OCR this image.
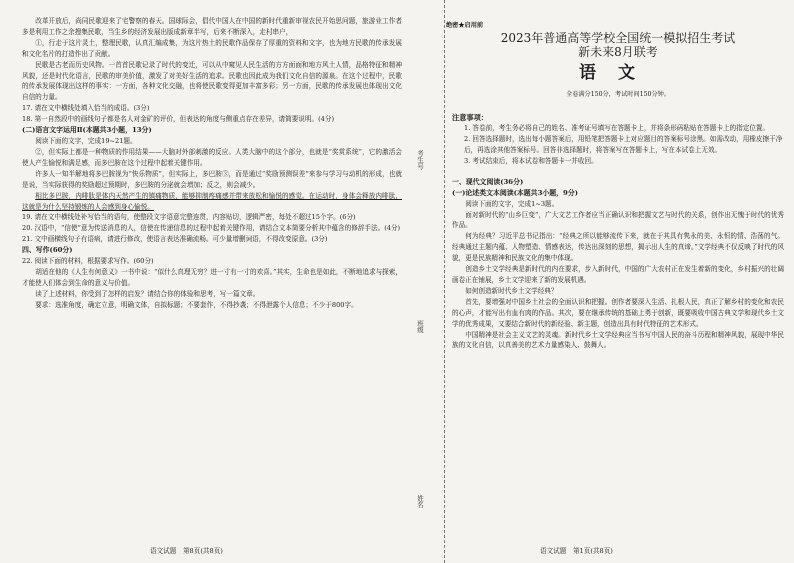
改革开放后，尚同民歌迎来了宅警察的春天。国球际会，倡代中国人在中国的新时代重新审视农民开始思问题，旅游业工作者多是利用工作之余搜集民歌，当生乡的经济发展出版成新章半写，后来不断深入，走村串户，

①，行走于这片灵土，整理民歌，认真汇编成集，为这片热土的民歌作品保存了厚重的资料和文字，也为地方民歌的传承发展和文化名片的打造作出了贡献。

民歌是古老而历史风物。一首首民歌记录了时代的变迁，可以从中窥见人民生活的方方面面和地方风土人情，品格特征和精神风貌，还是时代化语言，民歌的审美价值，激发了对美好生活的追求。民歌也因此成为我们文化自信的源泉。在这个过程中，民歌的传承发展体现出这样的事实：一方面，各种文化交融，也将使民歌变得更加丰富多彩；另一方面，民歌的传承发展也体现出文化自信的力量。

17. 请在文中横线处填入恰当的成语。(3分)

18. 第一自然段中的画线句子都是名人对金矿的评价，但表达的角度与侧重点存在差异，请简要说明。(4分)

(二)语言文字运用Ⅱ(本题共3小题，13分)

阅读下面的文字，完成19~21题。

②，但实际上都是一种物质的作用结果——大脑对外部刺激的反应。人类大脑中的这个部分，也就是“奖赏系统”，它的激活会使人产生愉悦和满足感，而多巴胺在这个过程中起着关键作用。

许多人一知半解地将多巴胺视为“快乐物质”，但实际上，多巴胺③，而是通过“奖励预测误差”来参与学习与动机的形成，也就是说，当实际获得的奖励超过预期时，多巴胺的分泌就会增加；反之，则会减少。

相比多巴胺，内啡肽是体内天然产生的镇痛物质，能够抑制疼痛感并带来放松和愉悦的感觉。在运动时，身体会释放内啡肽，这就是为什么坚持锻炼的人会感到身心愉悦。

19. 请在文中横线处补写恰当的语句，使整段文字语意完整连贯，内容贴切，逻辑严密，每处不超过15个字。(6分)

20. 汉语中，“信使”意为传送消息的人，信使在传递信息的过程中起着关键作用，请结合文本简要分析其中蕴含的修辞手法。(4分)

21. 文中画横线句子有语病，请进行修改，使语言表达准确流畅。可少量增删词语，不得改变原意。(3分)

四、写作(60分)

22. 阅读下面的材料，根据要求写作。(60分)

胡适在他的《人生有何意义》一书中说：“似什么真理无穷？进一寸有一寸的欢喜。”其实，生命也是如此，不断地追求与探索，才能使人们体会到生命的意义与价值。

读了上述材料，你受到了怎样的启发？请结合你的体验和思考，写一篇文章。

要求：选准角度，确定立意，明确文体，自拟标题；不要套作，不得抄袭；不得泄露个人信息；不少于800字。

语文试题　第8页(共8页)
考生号
班级
姓名

绝密★启用前

2023年普通高等学校全国统一模拟招生考试

新未来8月联考

语文

全卷满分150分，考试时间150分钟。

注意事项：

1. 答卷前，考生务必将自己的姓名、准考证号填写在答题卡上，并将条形码粘贴在答题卡上的指定位置。

2. 回答选择题时，选出每小题答案后，用铅笔把答题卡上对应题目的答案标号涂黑。如需改动，用橡皮擦干净后，再选涂其他答案标号。回答非选择题时，将答案写在答题卡上，写在本试卷上无效。

3. 考试结束后，将本试卷和答题卡一并收回。

一、现代文阅读(36分)

(一)论述类文本阅读(本题共3小题，9分)

阅读下面的文字，完成1~3题。

面对新时代的“山乡巨变”，广大文艺工作者应当正确认识和把握文艺与时代的关系，创作出无愧于时代的优秀作品。

何为经典？习近平总书记指出：“经典之所以能够流传下来，就在于其具有隽永的美、永恒的情、浩荡的气。经典通过主题内蕴、人物塑造、情感表达，传达出深刻的思想，揭示出人生的真谛。”文学经典不仅反映了时代的风貌，更是民族精神和民族文化的集中体现。

创造乡土文学经典是新时代的内在要求，步入新时代，中国的广大农村正在发生着新的变化，乡村振兴的壮阔画卷正在铺展，乡土文学迎来了新的发展机遇。

如何创造新时代乡土文学经典？

首先，要增强对中国乡土社会的全面认识和把握。创作者要深入生活、扎根人民，真正了解乡村的变化和农民的心声，才能写出有血有肉的作品。其次，要在继承传统的基础上勇于创新，既要吸收中国古典文学和现代乡土文学的优秀成果，又要结合新时代的新经验、新主题，创造出具有时代特征的艺术形式。

中国精神是社会主义文艺的灵魂。新时代乡土文学经典应当书写中国人民的奋斗历程和精神风貌，展现中华民族的文化自信，以真善美的艺术力量感染人、鼓舞人。

语文试题　第1页(共8页)
